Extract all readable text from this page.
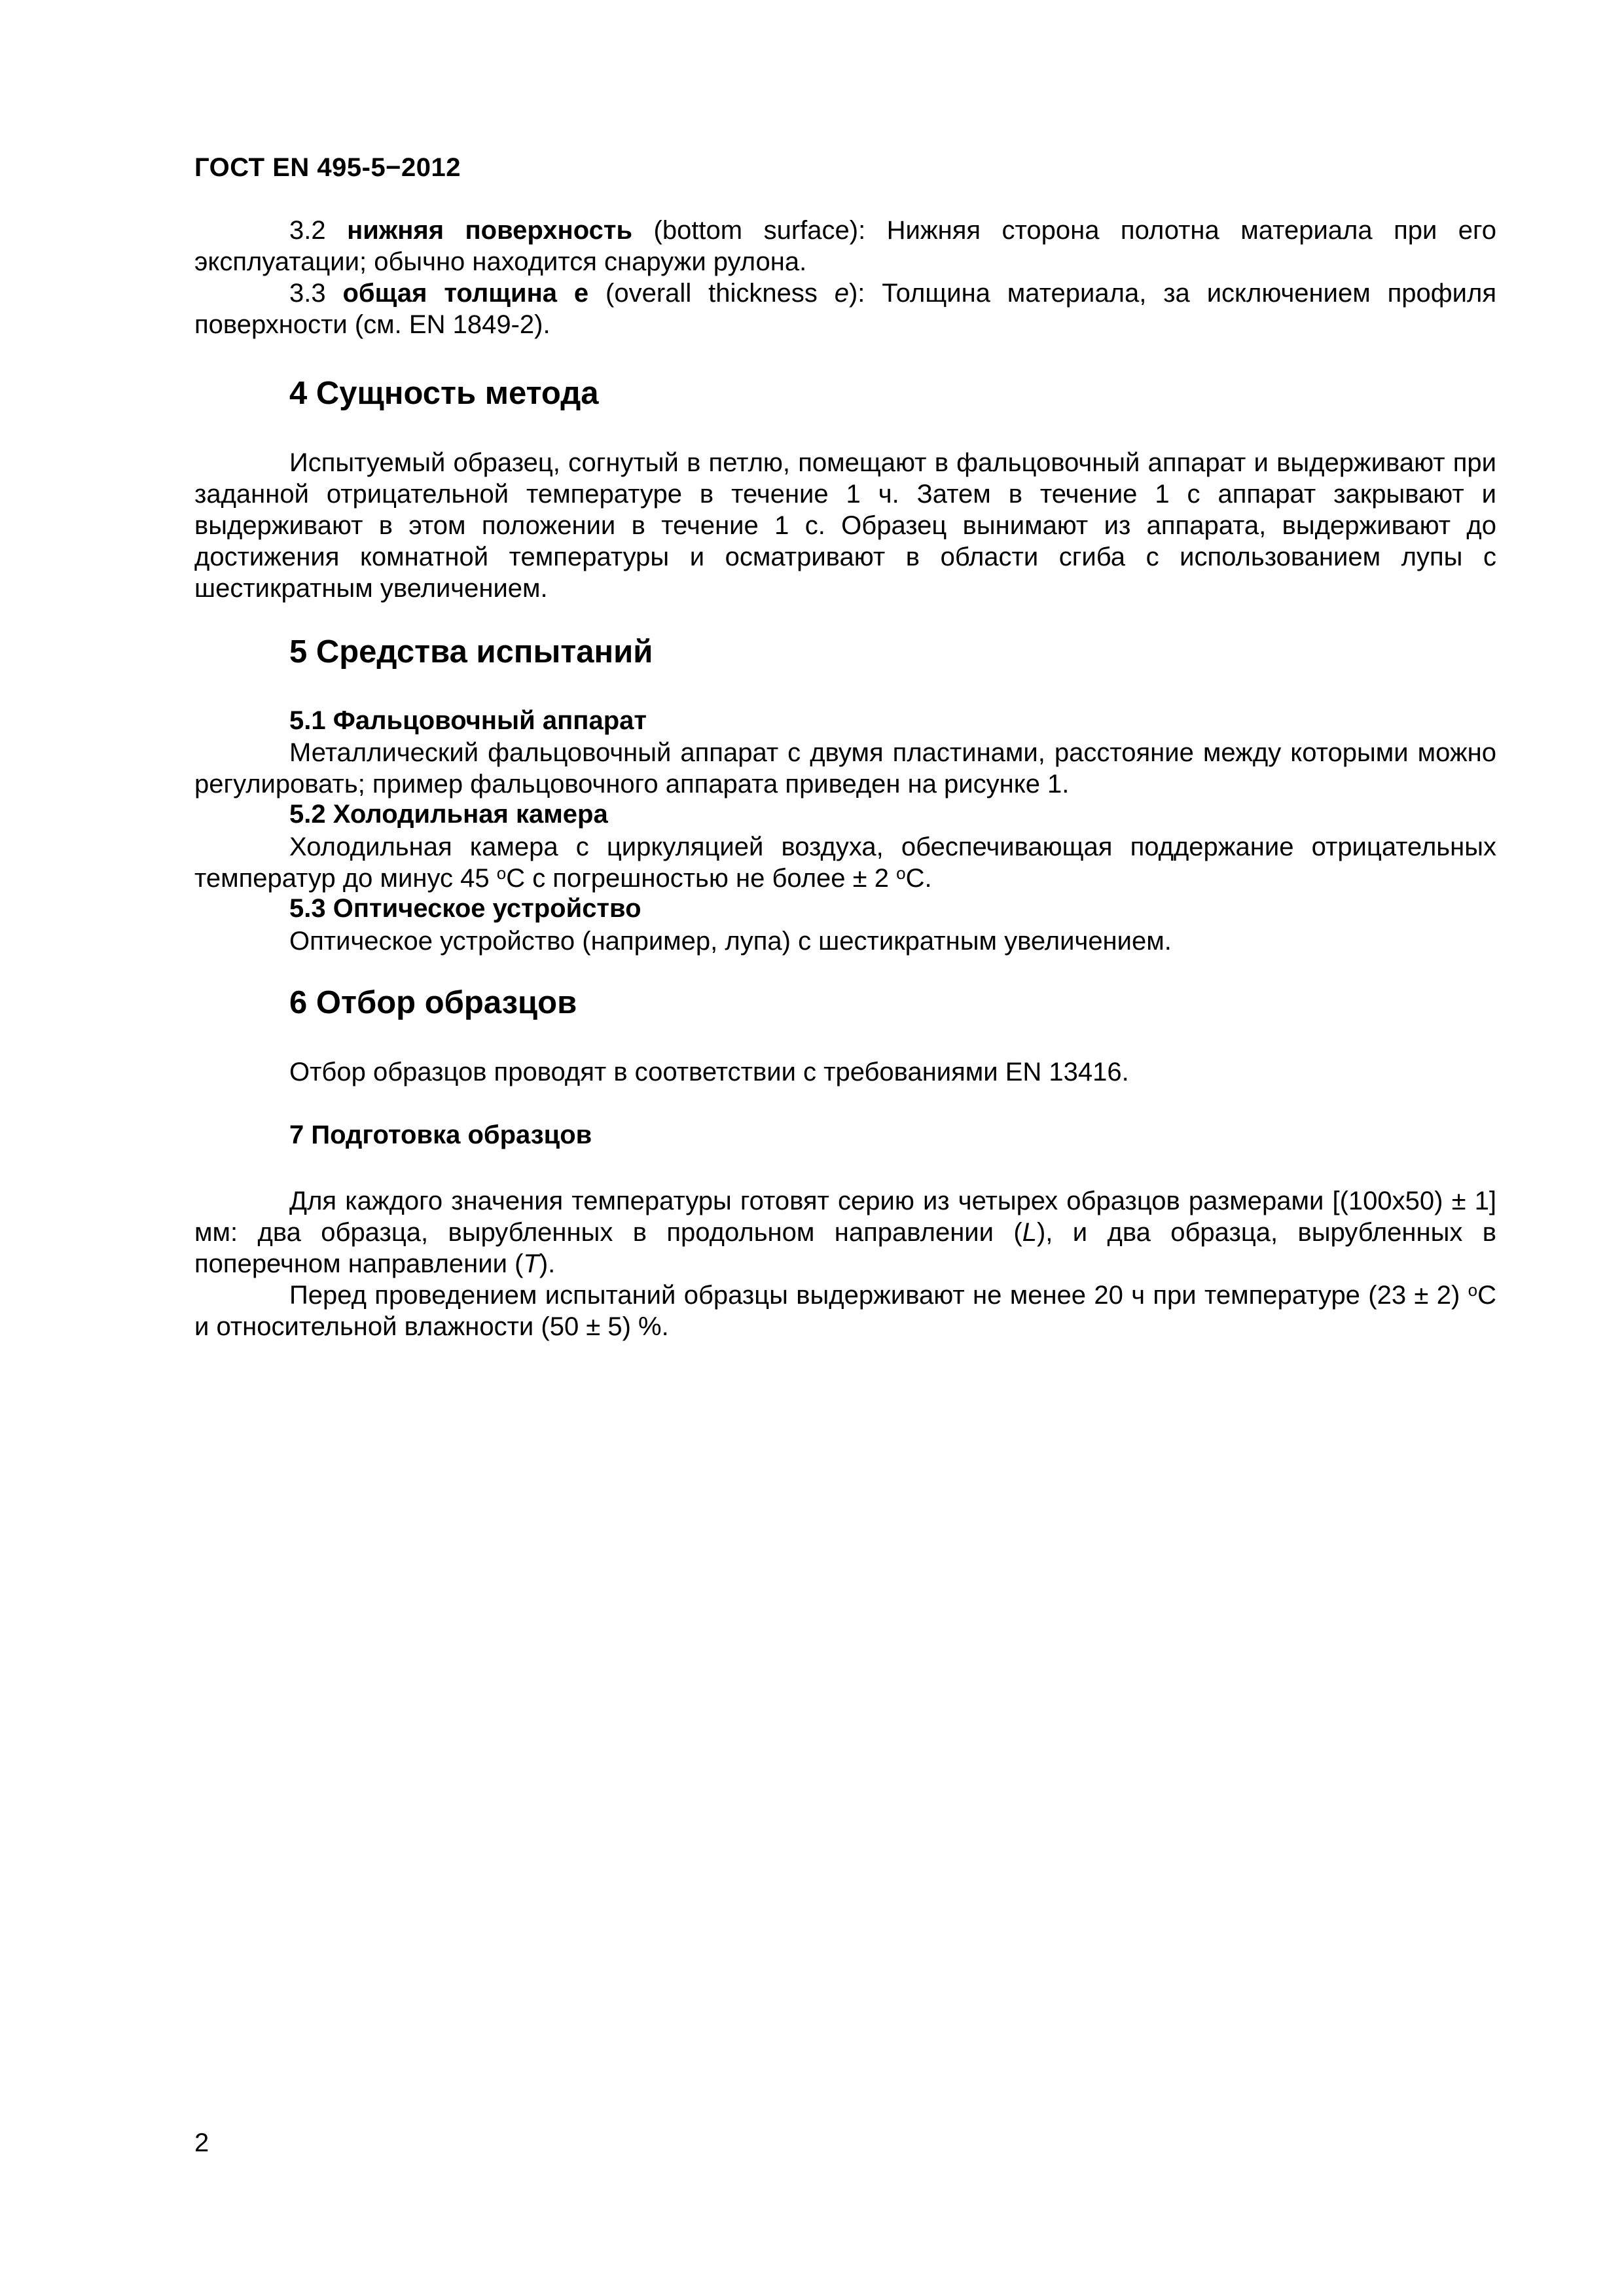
ГОСТ EN 495-5−2012

3.2 нижняя поверхность (bottom surface): Нижняя сторона полотна материала при его эксплуатации; обычно находится снаружи рулона.

3.3 общая толщина e (overall thickness e): Толщина материала, за исключением профиля поверхности (см. EN 1849-2).

4 Сущность метода

Испытуемый образец, согнутый в петлю, помещают в фальцовочный аппарат и выдерживают при заданной отрицательной температуре в течение 1 ч. Затем в течение 1 с аппарат закрывают и выдерживают в этом положении в течение 1 с. Образец вынимают из аппарата, выдерживают до достижения комнатной температуры и осматривают в области сгиба с использованием лупы с шестикратным увеличением.

5 Средства испытаний
5.1 Фальцовочный аппарат

Металлический фальцовочный аппарат с двумя пластинами, расстояние между которыми можно регулировать; пример фальцовочного аппарата приведен на рисунке 1.

5.2 Холодильная камера

Холодильная камера с циркуляцией воздуха, обеспечивающая поддержание отрицательных температур до минус 45 $^o$С с погрешностью не более ± 2 $^o$С.

5.3 Оптическое устройство

Оптическое устройство (например, лупа) с шестикратным увеличением.

6 Отбор образцов

Отбор образцов проводят в соответствии с требованиями EN 13416.

7 Подготовка образцов

Для каждого значения температуры готовят серию из четырех образцов размерами [(100x50) ± 1] мм: два образца, вырубленных в продольном направлении (L), и два образца, вырубленных в поперечном направлении (T).

Перед проведением испытаний образцы выдерживают не менее 20 ч при температуре (23 ± 2) $^o$С и относительной влажности (50 ± 5) %.

2
